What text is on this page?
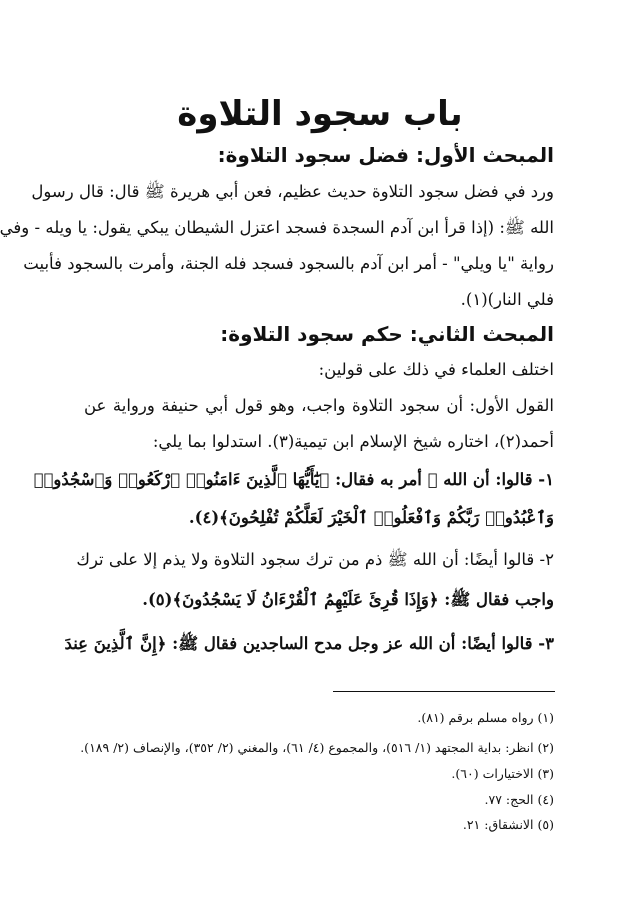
باب سجود التلاوة
المبحث الأول: فضل سجود التلاوة:
ورد في فضل سجود التلاوة حديث عظيم، فعن أبي هريرة ﷺ قال: قال رسول
الله ﷺ: (إذا قرأ ابن آدم السجدة فسجد اعتزل الشيطان يبكي يقول: يا ويله - وفي
رواية "يا ويلي" - أمر ابن آدم بالسجود فسجد فله الجنة، وأمرت بالسجود فأبيت
فلي النار)(١).
المبحث الثاني: حكم سجود التلاوة:
اختلف العلماء في ذلك على قولين:
القول الأول: أن سجود التلاوة واجب، وهو قول أبي حنيفة ورواية عن
أحمد(٢)، اختاره شيخ الإسلام ابن تيمية(٣). استدلوا بما يلي:
١- قالوا: أن الله ﷺ أمر به فقال: ﴿يَٰٓأَيُّهَا ٱلَّذِينَ ءَامَنُوا۟ ٱرْكَعُوا۟ وَٱسْجُدُوا۟
وَٱعْبُدُوا۟ رَبَّكُمْ وَٱفْعَلُوا۟ ٱلْخَيْرَ لَعَلَّكُمْ تُفْلِحُونَ﴾(٤).
٢- قالوا أيضًا: أن الله ﷺ ذم من ترك سجود التلاوة ولا يذم إلا على ترك
واجب فقال ﷺ: ﴿وَإِذَا قُرِئَ عَلَيْهِمُ ٱلْقُرْءَانُ لَا يَسْجُدُونَ﴾(٥).
٣- قالوا أيضًا: أن الله عز وجل مدح الساجدين فقال ﷺ: ﴿إِنَّ ٱلَّذِينَ عِندَ
(١) رواه مسلم برقم (٨١).
(٢) انظر: بداية المجتهد (١/ ٥١٦)، والمجموع (٤/ ٦١)، والمغني (٢/ ٣٥٢)، والإنصاف (٢/ ١٨٩).
(٣) الاختيارات (٦٠).
(٤) الحج: ٧٧.
(٥) الانشقاق: ٢١.
